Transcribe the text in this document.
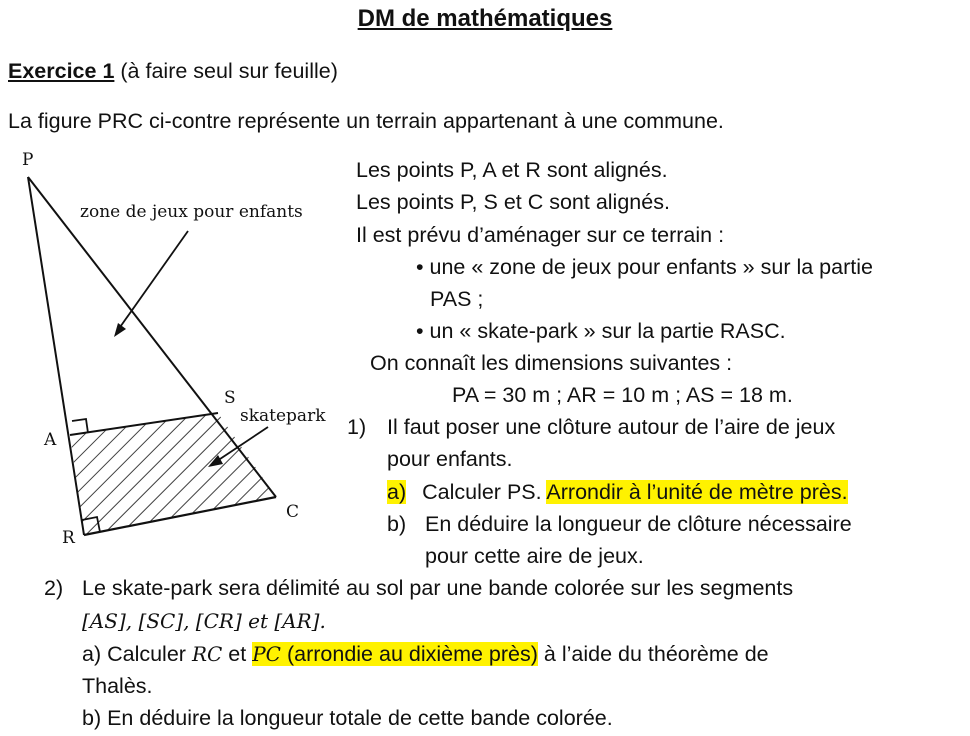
DM de mathématiques
Exercice 1 (à faire seul sur feuille)
La figure PRC ci-contre représente un terrain appartenant à une commune.
P
A
R
S
C
zone de jeux pour enfants
skatepark
Les points P, A et R sont alignés.
Les points P, S et C sont alignés.
Il est prévu d’aménager sur ce terrain :
• une « zone de jeux pour enfants » sur la partie
PAS ;
• un « skate-park » sur la partie RASC.
On connaît les dimensions suivantes :
PA = 30 m ; AR = 10 m ; AS = 18 m.
1) Il faut poser une clôture autour de l’aire de jeux
pour enfants.
a) Calculer PS. Arrondir à l’unité de mètre près.
b) En déduire la longueur de clôture nécessaire
pour cette aire de jeux.
2) Le skate-park sera délimité au sol par une bande colorée sur les segments
[AS], [SC], [CR] et [AR].
a) Calculer RC et PC (arrondie au dixième près) à l’aide du théorème de
Thalès.
b) En déduire la longueur totale de cette bande colorée.
